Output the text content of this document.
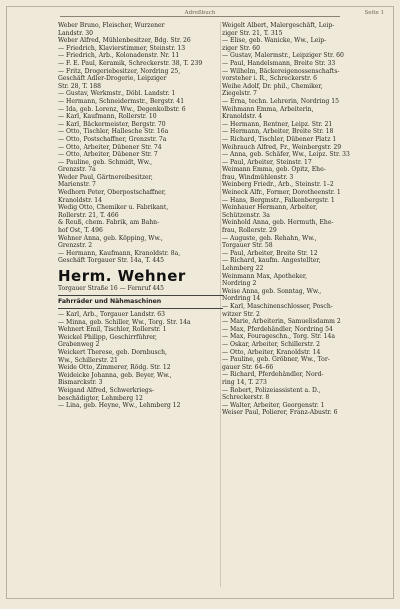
Adreßbuch	Seite 1
Weber Bruno, Fleischer, Wurzener
Landstr. 30
Weber Alfred, Mühlenbesitzer, Bdg. Str. 26
— Friedrich, Klavierstimmer, Steinstr. 13
— Friedrich, Arb., Kolonadenstr. Nr. 11
— F. E. Paul, Keramik, Schreckerstr. 38, T. 239
— Fritz, Drogeriebesitzer, Nordring 25,
Geschäft Adler-Drogerie, Leipziger
Str. 28, T. 188
— Gustav, Werkmstr., Döbl. Landstr. 1
— Hermann, Schneidermstr., Bergstr. 41
— Ida, geb. Lorenz, Ww., Degenkolbstr. 6
— Karl, Kaufmann, Rollerstr. 10
— Karl, Bäckermeister, Bergstr. 70
— Otto, Tischler, Hallesche Str. 16a
— Otto, Postschaffner, Grenzstr. 7a
— Otto, Arbeiter, Dübener Str. 74
— Otto, Arbeiter, Dübener Str. 7
— Pauline, geb. Schmidt, Ww.,
Grenzstr. 7a
Weder Paul, Gärtnereibesitzer,
Marienstr. 7
Wedhorn Peter, Oberpostschaffner,
Kranoldstr. 14
Wedig Otto, Chemiker u. Fabrikant,
Rollerstr. 21, T. 466
& Reuß, chem. Fabrik, am Bahn-
hof Ost, T. 496
Wehner Anna, geb. Köpping, Ww.,
Grenzstr. 2
— Hermann, Kaufmann, Kranoldstr. 8a,
Geschäft Torgauer Str. 14a, T. 445
Herm. Wehner
Torgauer Straße 16 — Fernruf 445
Fahrräder und Nähmaschinen
— Karl, Arb., Torgauer Landstr. 63
— Minna, geb. Schiller, Ww., Torg. Str. 14a
Wehnert Emil, Tischler, Rollerstr. 1
Weickel Philipp, Geschirrführer,
Grabenweg 2
Weickert Therese, geb. Dornbusch,
Ww., Schillerstr. 21
Weide Otto, Zimmerer, Rödg. Str. 12
Weideicke Johanna, geb. Beyer, Ww.,
Bismarckstr. 3
Weigand Alfred, Schwerkriegs-
beschädigter, Lehmberg 12
— Lina, geb. Heyne, Ww., Lehmberg 12
Weigelt Albert, Malergeschäft, Leip-
ziger Str. 21, T. 315
— Elise, geb. Wanicke, Ww., Leip-
ziger Str. 60
— Gustav, Malermstr., Leipziger Str. 60
— Paul, Handelsmann, Breite Str. 33
— Wilhelm, Bäckereigenossenschafts-
vorsteher i. R., Schreckerstr. 6
Weihe Adolf, Dr. phil., Chemiker,
Ziegelstr. 7
— Erna, techn. Lehrerin, Nordring 15
Weihmann Emma, Arbeiterin,
Kranoldstr. 4
— Hermann, Rentner, Leipz. Str. 21
— Hermann, Arbeiter, Breite Str. 18
— Richard, Tischler, Dübener Platz 1
Weihrauch Alfred, Fr., Weinbergstr. 29
— Anna, geb. Schäfer, Ww., Leipz. Str. 33
— Paul, Arbeiter, Steinstr. 17
Weimann Emma, geb. Opitz, Ehe-
frau, Windmühlenstr. 3
Weinberg Friedr., Arb., Steinstr. 1–2
Weineck Alfr., Former, Dorotheenstr. 1
— Hans, Bergmstr., Falkenbergstr. 1
Weinhauer Hermann, Arbeiter,
Schützenstr. 3a
Weinhold Anna, geb. Hermuth, Ehe-
frau, Rollerstr. 29
— Auguste, geb. Rehahn, Ww.,
Torgauer Str. 58
— Paul, Arbeiter, Breite Str. 12
— Richard, kaufm. Angestellter,
Lehmberg 22
Weinmann Max, Apotheker,
Nordring 2
Weise Anna, geb. Sonntag, Ww.,
Nordring 14
— Karl, Maschinenschlosser, Posch-
witzer Str. 2
— Marie, Arbeiterin, Samuelisdamm 2
— Max, Pferdehändler, Nordring 54
— Max, Fourageschn., Torg. Str. 14a
— Oskar, Arbeiter, Schillerstr. 2
— Otto, Arbeiter, Kranoldstr. 14
— Pauline, geb. Gröbner, Ww., Tor-
gauer Str. 64–66
— Richard, Pferdehändler, Nord-
ring 14, T. 273
— Robert, Polizeiassistent a. D.,
Schreckerstr. 8
— Walter, Arbeiter, Georgenstr. 1
Weiser Paul, Polierer, Franz-Abustr. 6
